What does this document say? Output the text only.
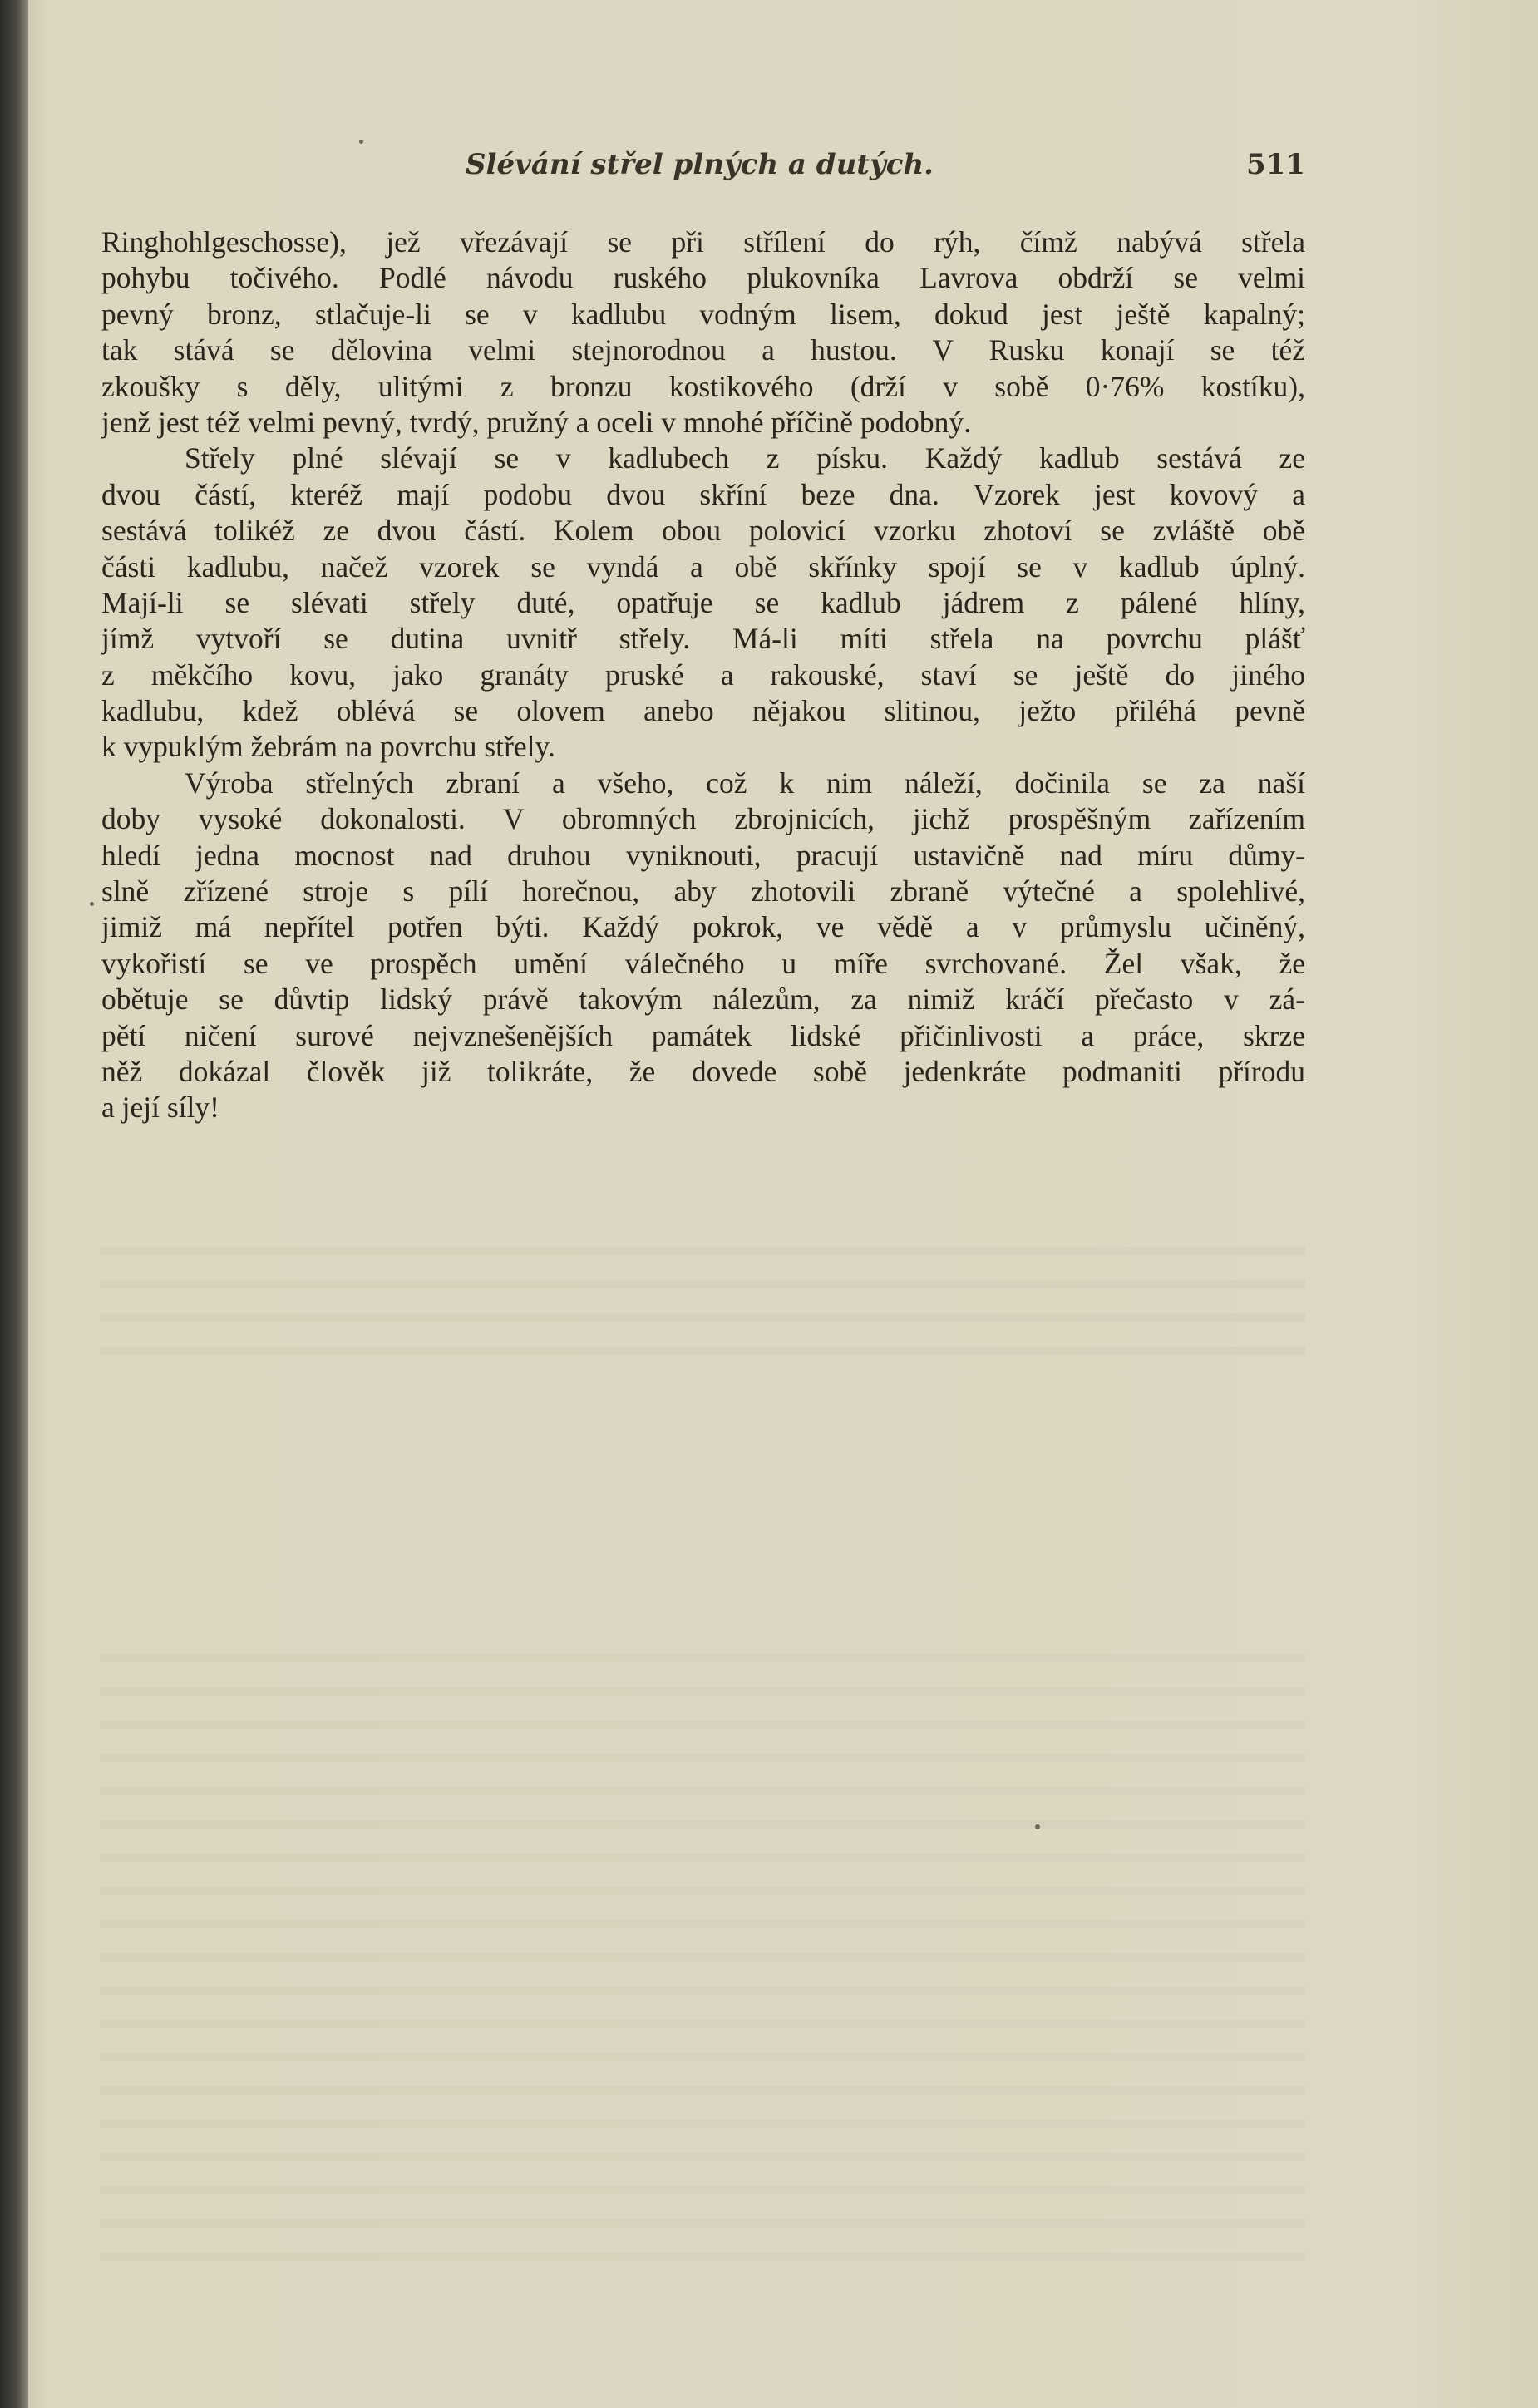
Slévání střel plných a dutých.	511
Ringhohlgeschosse), jež vřezávají se při střílení do rýh, čímž nabývá střela
pohybu točivého. Podlé návodu ruského plukovníka Lavrova obdrží se velmi
pevný bronz, stlačuje-li se v kadlubu vodným lisem, dokud jest ještě kapalný;
tak stává se dělovina velmi stejnorodnou a hustou. V Rusku konají se též
zkoušky s děly, ulitými z bronzu kostikového (drží v sobě 0·76% kostíku),
jenž jest též velmi pevný, tvrdý, pružný a oceli v mnohé příčině podobný.
Střely plné slévají se v kadlubech z písku. Každý kadlub sestává ze
dvou částí, kteréž mají podobu dvou skříní beze dna. Vzorek jest kovový a
sestává tolikéž ze dvou částí. Kolem obou polovicí vzorku zhotoví se zvláště obě
části kadlubu, načež vzorek se vyndá a obě skřínky spojí se v kadlub úplný.
Mají-li se slévati střely duté, opatřuje se kadlub jádrem z pálené hlíny,
jímž vytvoří se dutina uvnitř střely. Má-li míti střela na povrchu plášť
z měkčího kovu, jako granáty pruské a rakouské, staví se ještě do jiného
kadlubu, kdež oblévá se olovem anebo nějakou slitinou, ježto přiléhá pevně
k vypuklým žebrám na povrchu střely.
Výroba střelných zbraní a všeho, což k nim náleží, dočinila se za naší
doby vysoké dokonalosti. V obromných zbrojnicích, jichž prospěšným zařízením
hledí jedna mocnost nad druhou vyniknouti, pracují ustavičně nad míru důmy-
slně zřízené stroje s pílí horečnou, aby zhotovili zbraně výtečné a spolehlivé,
jimiž má nepřítel potřen býti. Každý pokrok, ve vědě a v průmyslu učiněný,
vykořistí se ve prospěch umění válečného u míře svrchované. Žel však, že
obětuje se důvtip lidský právě takovým nálezům, za nimiž kráčí přečasto v zá-
pětí ničení surové nejvznešenějších památek lidské přičinlivosti a práce, skrze
něž dokázal člověk již tolikráte, že dovede sobě jedenkráte podmaniti přírodu
a její síly!
